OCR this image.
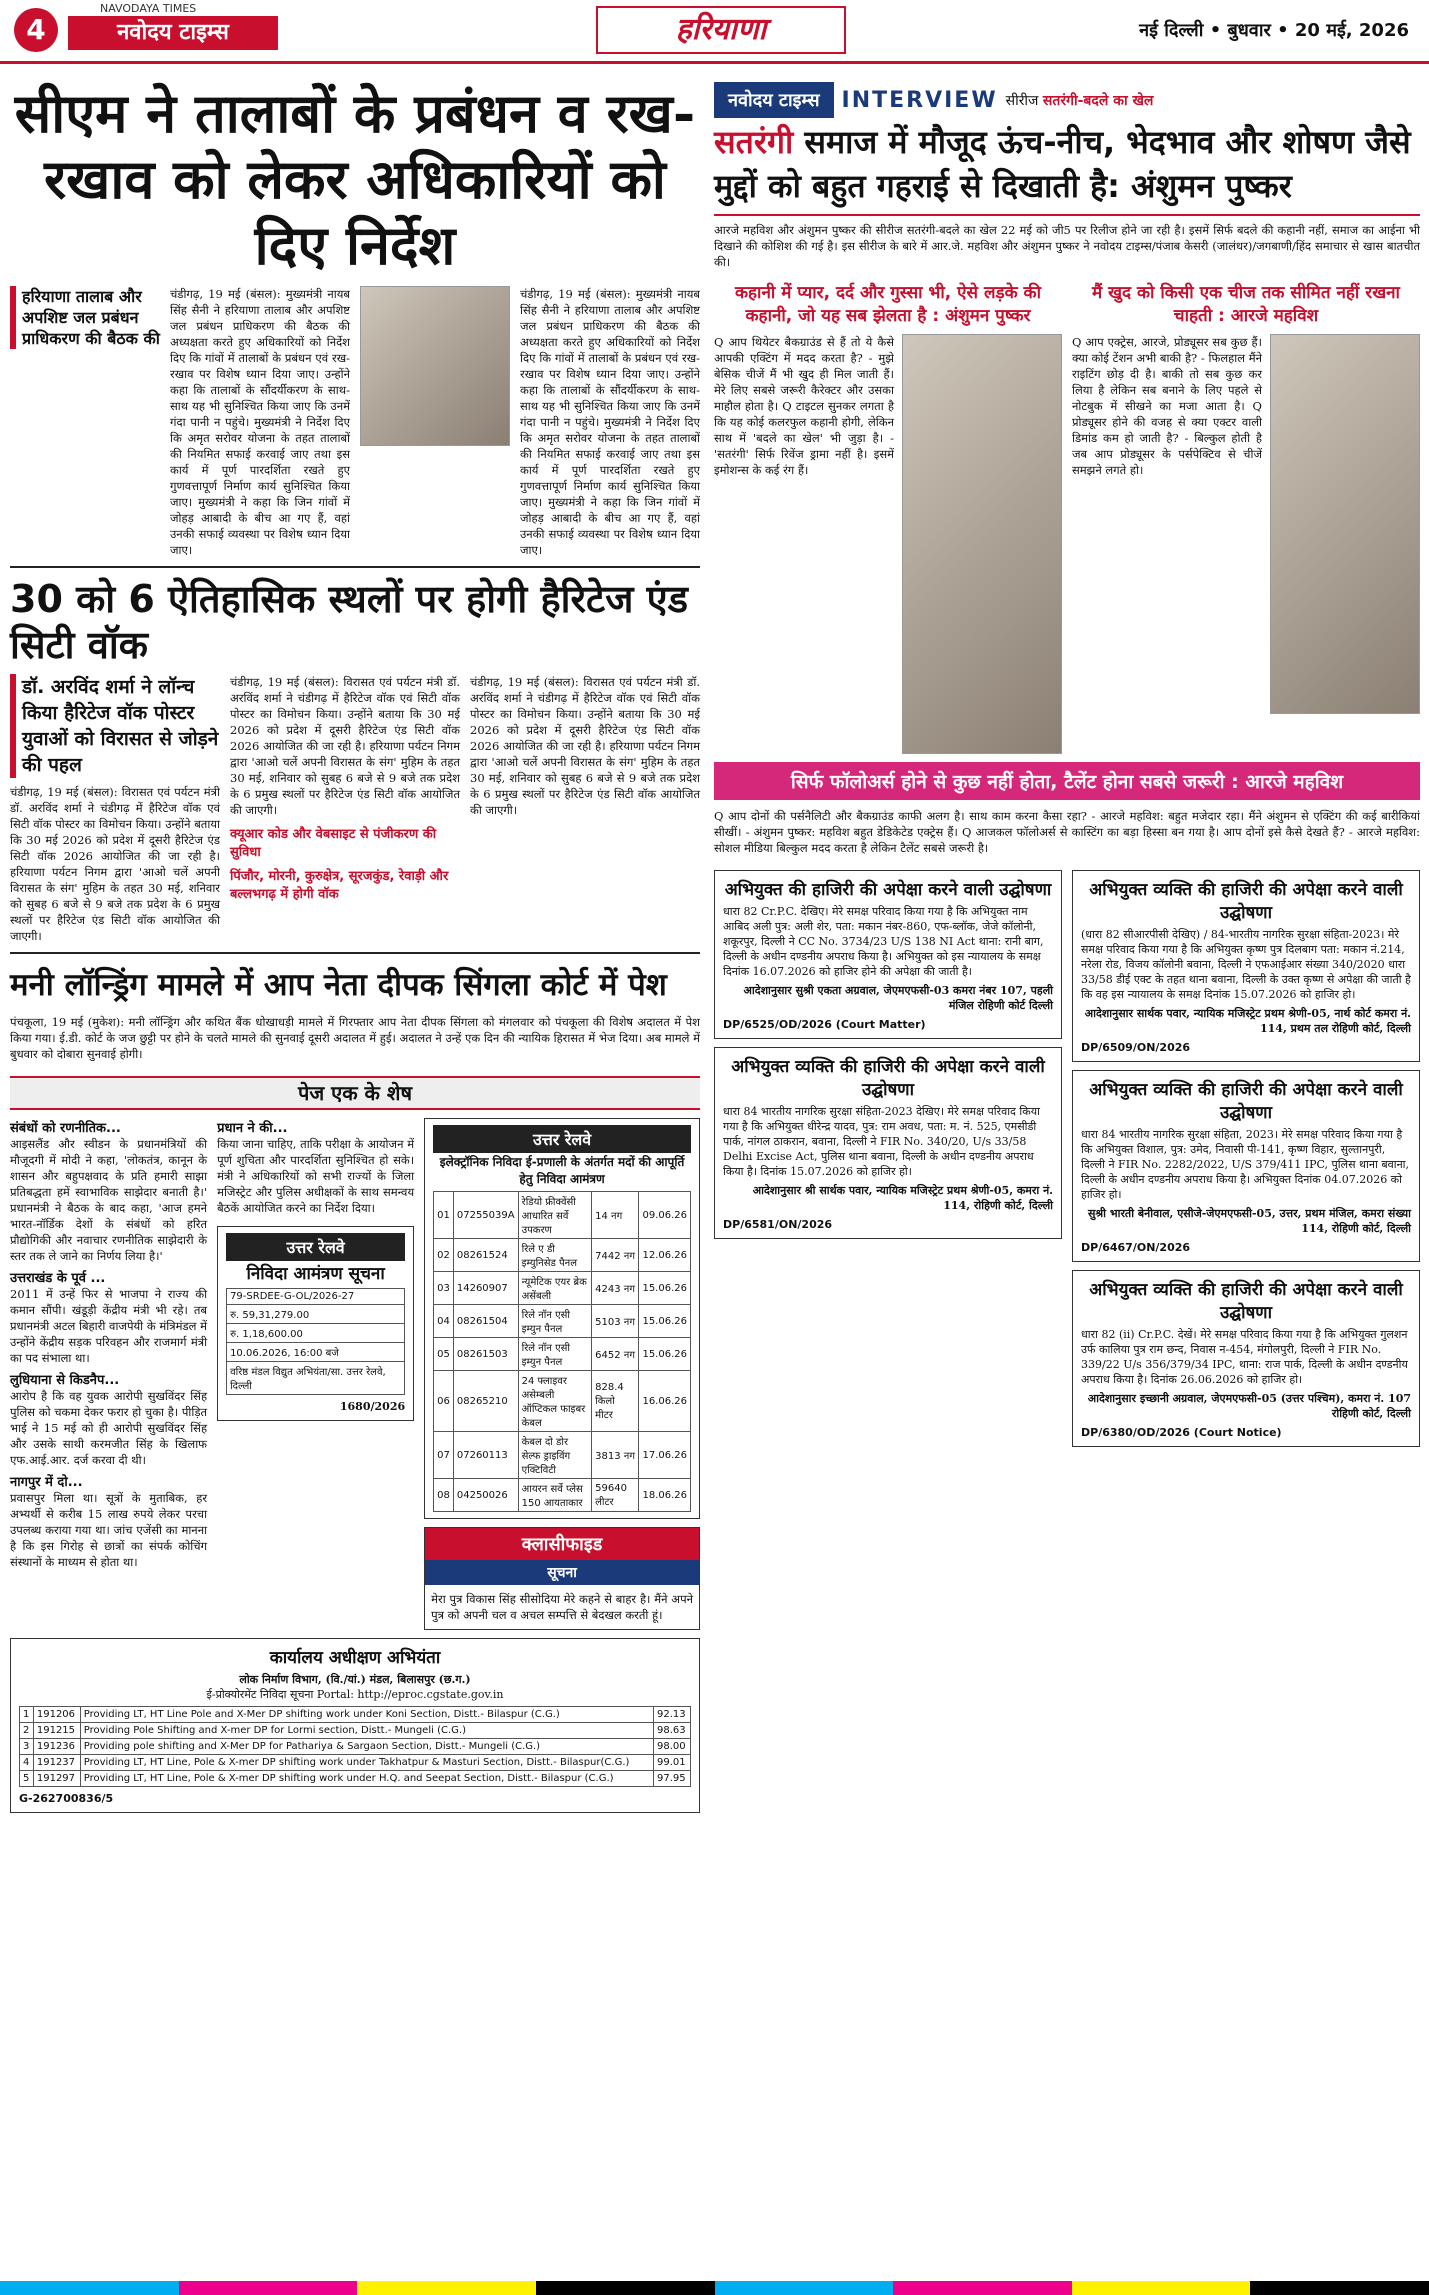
4
NAVODAYA TIMES
नवोदय टाइम्स	हरियाणा	नई दिल्ली • बुधवार • 20 मई, 2026
सीएम ने तालाबों के प्रबंधन व रख-रखाव को लेकर अधिकारियों को दिए निर्देश
हरियाणा तालाब और अपशिष्ट जल प्रबंधन प्राधिकरण की बैठक की
चंडीगढ़, 19 मई (बंसल): मुख्यमंत्री नायब सिंह सैनी ने हरियाणा तालाब और अपशिष्ट जल प्रबंधन प्राधिकरण की बैठक की अध्यक्षता करते हुए अधिकारियों को निर्देश दिए कि गांवों में तालाबों के प्रबंधन एवं रख-रखाव पर विशेष ध्यान दिया जाए। उन्होंने कहा कि तालाबों के सौंदर्यीकरण के साथ-साथ यह भी सुनिश्चित किया जाए कि उनमें गंदा पानी न पहुंचे। मुख्यमंत्री ने निर्देश दिए कि अमृत सरोवर योजना के तहत तालाबों की नियमित सफाई करवाई जाए तथा इस कार्य में पूर्ण पारदर्शिता रखते हुए गुणवत्तापूर्ण निर्माण कार्य सुनिश्चित किया जाए। मुख्यमंत्री ने कहा कि जिन गांवों में जोहड़ आबादी के बीच आ गए हैं, वहां उनकी सफाई व्यवस्था पर विशेष ध्यान दिया जाए।
चंडीगढ़, 19 मई (बंसल): मुख्यमंत्री नायब सिंह सैनी ने हरियाणा तालाब और अपशिष्ट जल प्रबंधन प्राधिकरण की बैठक की अध्यक्षता करते हुए अधिकारियों को निर्देश दिए कि गांवों में तालाबों के प्रबंधन एवं रख-रखाव पर विशेष ध्यान दिया जाए। उन्होंने कहा कि तालाबों के सौंदर्यीकरण के साथ-साथ यह भी सुनिश्चित किया जाए कि उनमें गंदा पानी न पहुंचे। मुख्यमंत्री ने निर्देश दिए कि अमृत सरोवर योजना के तहत तालाबों की नियमित सफाई करवाई जाए तथा इस कार्य में पूर्ण पारदर्शिता रखते हुए गुणवत्तापूर्ण निर्माण कार्य सुनिश्चित किया जाए। मुख्यमंत्री ने कहा कि जिन गांवों में जोहड़ आबादी के बीच आ गए हैं, वहां उनकी सफाई व्यवस्था पर विशेष ध्यान दिया जाए।
30 को 6 ऐतिहासिक स्थलों पर होगी हैरिटेज एंड सिटी वॉक
डॉ. अरविंद शर्मा ने लॉन्च किया हैरिटेज वॉक पोस्टर युवाओं को विरासत से जोड़ने की पहल
चंडीगढ़, 19 मई (बंसल): विरासत एवं पर्यटन मंत्री डॉ. अरविंद शर्मा ने चंडीगढ़ में हैरिटेज वॉक एवं सिटी वॉक पोस्टर का विमोचन किया। उन्होंने बताया कि 30 मई 2026 को प्रदेश में दूसरी हैरिटेज एंड सिटी वॉक 2026 आयोजित की जा रही है। हरियाणा पर्यटन निगम द्वारा 'आओ चलें अपनी विरासत के संग' मुहिम के तहत 30 मई, शनिवार को सुबह 6 बजे से 9 बजे तक प्रदेश के 6 प्रमुख स्थलों पर हैरिटेज एंड सिटी वॉक आयोजित की जाएगी।
चंडीगढ़, 19 मई (बंसल): विरासत एवं पर्यटन मंत्री डॉ. अरविंद शर्मा ने चंडीगढ़ में हैरिटेज वॉक एवं सिटी वॉक पोस्टर का विमोचन किया। उन्होंने बताया कि 30 मई 2026 को प्रदेश में दूसरी हैरिटेज एंड सिटी वॉक 2026 आयोजित की जा रही है। हरियाणा पर्यटन निगम द्वारा 'आओ चलें अपनी विरासत के संग' मुहिम के तहत 30 मई, शनिवार को सुबह 6 बजे से 9 बजे तक प्रदेश के 6 प्रमुख स्थलों पर हैरिटेज एंड सिटी वॉक आयोजित की जाएगी।
क्यूआर कोड और वेबसाइट से पंजीकरण की सुविधा
पिंजौर, मोरनी, कुरुक्षेत्र, सूरजकुंड, रेवाड़ी और बल्लभगढ़ में होगी वॉक
चंडीगढ़, 19 मई (बंसल): विरासत एवं पर्यटन मंत्री डॉ. अरविंद शर्मा ने चंडीगढ़ में हैरिटेज वॉक एवं सिटी वॉक पोस्टर का विमोचन किया। उन्होंने बताया कि 30 मई 2026 को प्रदेश में दूसरी हैरिटेज एंड सिटी वॉक 2026 आयोजित की जा रही है। हरियाणा पर्यटन निगम द्वारा 'आओ चलें अपनी विरासत के संग' मुहिम के तहत 30 मई, शनिवार को सुबह 6 बजे से 9 बजे तक प्रदेश के 6 प्रमुख स्थलों पर हैरिटेज एंड सिटी वॉक आयोजित की जाएगी।
मनी लॉन्ड्रिंग मामले में आप नेता दीपक सिंगला कोर्ट में पेश
पंचकूला, 19 मई (मुकेश): मनी लॉन्ड्रिंग और कथित बैंक धोखाधड़ी मामले में गिरफ्तार आप नेता दीपक सिंगला को मंगलवार को पंचकूला की विशेष अदालत में पेश किया गया। ई.डी. कोर्ट के जज छुट्टी पर होने के चलते मामले की सुनवाई दूसरी अदालत में हुई। अदालत ने उन्हें एक दिन की न्यायिक हिरासत में भेज दिया। अब मामले में बुधवार को दोबारा सुनवाई होगी।
पेज एक के शेष
संबंधों को रणनीतिक...
आइसलैंड और स्वीडन के प्रधानमंत्रियों की मौजूदगी में मोदी ने कहा, 'लोकतंत्र, कानून के शासन और बहुपक्षवाद के प्रति हमारी साझा प्रतिबद्धता हमें स्वाभाविक साझेदार बनाती है।' प्रधानमंत्री ने बैठक के बाद कहा, 'आज हमने भारत-नॉर्डिक देशों के संबंधों को हरित प्रौद्योगिकी और नवाचार रणनीतिक साझेदारी के स्तर तक ले जाने का निर्णय लिया है।'
उत्तराखंड के पूर्व ...
2011 में उन्हें फिर से भाजपा ने राज्य की कमान सौंपी। खंडूड़ी केंद्रीय मंत्री भी रहे। तब प्रधानमंत्री अटल बिहारी वाजपेयी के मंत्रिमंडल में उन्होंने केंद्रीय सड़क परिवहन और राजमार्ग मंत्री का पद संभाला था।
लुधियाना से किडनैप...
आरोप है कि वह युवक आरोपी सुखविंदर सिंह पुलिस को चकमा देकर फरार हो चुका है। पीड़ित भाई ने 15 मई को ही आरोपी सुखविंदर सिंह और उसके साथी करमजीत सिंह के खिलाफ एफ.आई.आर. दर्ज करवा दी थी।
नागपुर में दो...
प्रवासपुर मिला था। सूत्रों के मुताबिक, हर अभ्यर्थी से करीब 15 लाख रुपये लेकर परचा उपलब्ध कराया गया था। जांच एजेंसी का मानना है कि इस गिरोह से छात्रों का संपर्क कोचिंग संस्थानों के माध्यम से होता था।
प्रधान ने की...
किया जाना चाहिए, ताकि परीक्षा के आयोजन में पूर्ण शुचिता और पारदर्शिता सुनिश्चित हो सके। मंत्री ने अधिकारियों को सभी राज्यों के जिला मजिस्ट्रेट और पुलिस अधीक्षकों के साथ समन्वय बैठकें आयोजित करने का निर्देश दिया।
उत्तर रेलवे
निविदा आमंत्रण सूचना
79-SRDEE-G-OL/2026-27
रु. 59,31,279.00
रु. 1,18,600.00
10.06.2026, 16:00 बजे
वरिष्ठ मंडल विद्युत अभियंता/सा. उत्तर रेलवे, दिल्ली
1680/2026
उत्तर रेलवे
इलेक्ट्रॉनिक निविदा ई-प्रणाली के अंतर्गत मदों की आपूर्ति हेतु निविदा आमंत्रण
01	07255039A	रेडियो फ्रीक्वेंसी आधारित सर्वे उपकरण	14 नग	09.06.26
02	08261524	रिले ए डी इम्युनिसेड पैनल	7442 नग	12.06.26
03	14260907	न्यूमेटिक एयर ब्रेक असेंबली	4243 नग	15.06.26
04	08261504	रिले नॉन एसी इम्युन पैनल	5103 नग	15.06.26
05	08261503	रिले नॉन एसी इम्युन पैनल	6452 नग	15.06.26
06	08265210	24 फ्लाइवर असेम्बली ऑप्टिकल फाइबर केबल	828.4 किलो मीटर	16.06.26
07	07260113	केबल दो डोर सेल्फ ड्राइविंग एक्टिविटी	3813 नग	17.06.26
08	04250026	आयरन सर्वे प्लेस 150 आयताकार	59640 लीटर	18.06.26
क्लासीफाइड
सूचना
मेरा पुत्र विकास सिंह सीसोदिया मेरे कहने से बाहर है। मैंने अपने पुत्र को अपनी चल व अचल सम्पत्ति से बेदखल करती हूं।
कार्यालय अधीक्षण अभियंता
लोक निर्माण विभाग, (वि./यां.) मंडल, बिलासपुर (छ.ग.)
ई-प्रोक्योरमेंट निविदा सूचना Portal: http://eproc.cgstate.gov.in
1	191206	Providing LT, HT Line Pole and X-Mer DP shifting work under Koni Section, Distt.- Bilaspur (C.G.)	92.13
2	191215	Providing Pole Shifting and X-mer DP for Lormi section, Distt.- Mungeli (C.G.)	98.63
3	191236	Providing pole shifting and X-Mer DP for Pathariya & Sargaon Section, Distt.- Mungeli (C.G.)	98.00
4	191237	Providing LT, HT Line, Pole & X-mer DP shifting work under Takhatpur & Masturi Section, Distt.- Bilaspur(C.G.)	99.01
5	191297	Providing LT, HT Line, Pole & X-mer DP shifting work under H.Q. and Seepat Section, Distt.- Bilaspur (C.G.)	97.95
G-262700836/5
नवोदय टाइम्स	INTERVIEW सीरीज सतरंगी-बदले का खेल
सतरंगी समाज में मौजूद ऊंच-नीच, भेदभाव और शोषण जैसे मुद्दों को बहुत गहराई से दिखाती है: अंशुमन पुष्कर
आरजे महविश और अंशुमन पुष्कर की सीरीज सतरंगी-बदले का खेल 22 मई को जी5 पर रिलीज होने जा रही है। इसमें सिर्फ बदले की कहानी नहीं, समाज का आईना भी दिखाने की कोशिश की गई है। इस सीरीज के बारे में आर.जे. महविश और अंशुमन पुष्कर ने नवोदय टाइम्स/पंजाब केसरी (जालंधर)/जगबाणी/हिंद समाचार से खास बातचीत की।
कहानी में प्यार, दर्द और गुस्सा भी, ऐसे लड़के की कहानी, जो यह सब झेलता है : अंशुमन पुष्कर
Q आप थियेटर बैकग्राउंड से हैं तो ये कैसे आपकी एक्टिंग में मदद करता है? - मुझे बेसिक चीजें मैं भी खुद ही मिल जाती हैं। मेरे लिए सबसे जरूरी कैरेक्टर और उसका माहौल होता है। Q टाइटल सुनकर लगता है कि यह कोई कलरफुल कहानी होगी, लेकिन साथ में 'बदले का खेल' भी जुड़ा है। - 'सतरंगी' सिर्फ रिवेंज ड्रामा नहीं है। इसमें इमोशन्स के कई रंग हैं।
मैं खुद को किसी एक चीज तक सीमित नहीं रखना चाहती : आरजे महविश
Q आप एक्ट्रेस, आरजे, प्रोड्यूसर सब कुछ हैं। क्या कोई टेंशन अभी बाकी है? - फिलहाल मैंने राइटिंग छोड़ दी है। बाकी तो सब कुछ कर लिया है लेकिन सब बनाने के लिए पहले से नोटबुक में सीखने का मजा आता है। Q प्रोड्यूसर होने की वजह से क्या एक्टर वाली डिमांड कम हो जाती है? - बिल्कुल होती है जब आप प्रोड्यूसर के पर्सपेक्टिव से चीजें समझने लगते हो।
सिर्फ फॉलोअर्स होने से कुछ नहीं होता, टैलेंट होना सबसे जरूरी : आरजे महविश
Q आप दोनों की पर्सनैलिटी और बैकग्राउंड काफी अलग है। साथ काम करना कैसा रहा? - आरजे महविश: बहुत मजेदार रहा। मैंने अंशुमन से एक्टिंग की कई बारीकियां सीखीं। - अंशुमन पुष्कर: महविश बहुत डेडिकेटेड एक्ट्रेस हैं। Q आजकल फॉलोअर्स से कास्टिंग का बड़ा हिस्सा बन गया है। आप दोनों इसे कैसे देखते हैं? - आरजे महविश: सोशल मीडिया बिल्कुल मदद करता है लेकिन टैलेंट सबसे जरूरी है।
अभियुक्त की हाजिरी की अपेक्षा करने वाली उद्घोषणा
धारा 82 Cr.P.C. देखिए। मेरे समक्ष परिवाद किया गया है कि अभियुक्त नाम आबिद अली पुत्र: अली शेर, पता: मकान नंबर-860, एफ-ब्लॉक, जेजे कॉलोनी, शकूरपुर, दिल्ली ने CC No. 3734/23 U/S 138 NI Act थाना: रानी बाग, दिल्ली के अधीन दण्डनीय अपराध किया है। अभियुक्त को इस न्यायालय के समक्ष दिनांक 16.07.2026 को हाजिर होने की अपेक्षा की जाती है।
आदेशानुसार सुश्री एकता अग्रवाल, जेएमएफसी-03 कमरा नंबर 107, पहली मंजिल रोहिणी कोर्ट दिल्ली
DP/6525/OD/2026 (Court Matter)
अभियुक्त व्यक्ति की हाजिरी की अपेक्षा करने वाली उद्घोषणा
धारा 84 भारतीय नागरिक सुरक्षा संहिता-2023 देखिए। मेरे समक्ष परिवाद किया गया है कि अभियुक्त धीरेन्द्र यादव, पुत्र: राम अवध, पता: म. नं. 525, एमसीडी पार्क, नांगल ठाकरान, बवाना, दिल्ली ने FIR No. 340/20, U/s 33/58 Delhi Excise Act, पुलिस थाना बवाना, दिल्ली के अधीन दण्डनीय अपराध किया है। दिनांक 15.07.2026 को हाजिर हो।
आदेशानुसार श्री सार्थक पवार, न्यायिक मजिस्ट्रेट प्रथम श्रेणी-05, कमरा नं. 114, रोहिणी कोर्ट, दिल्ली
DP/6581/ON/2026
अभियुक्त व्यक्ति की हाजिरी की अपेक्षा करने वाली उद्घोषणा
(धारा 82 सीआरपीसी देखिए) / 84-भारतीय नागरिक सुरक्षा संहिता-2023। मेरे समक्ष परिवाद किया गया है कि अभियुक्त कृष्ण पुत्र दिलबाग पता: मकान नं.214, नरेला रोड, विजय कॉलोनी बवाना, दिल्ली ने एफआईआर संख्या 340/2020 धारा 33/58 डीई एक्ट के तहत थाना बवाना, दिल्ली के उक्त कृष्ण से अपेक्षा की जाती है कि वह इस न्यायालय के समक्ष दिनांक 15.07.2026 को हाजिर हो।
आदेशानुसार सार्थक पवार, न्यायिक मजिस्ट्रेट प्रथम श्रेणी-05, नार्थ कोर्ट कमरा नं. 114, प्रथम तल रोहिणी कोर्ट, दिल्ली
DP/6509/ON/2026
अभियुक्त व्यक्ति की हाजिरी की अपेक्षा करने वाली उद्घोषणा
धारा 84 भारतीय नागरिक सुरक्षा संहिता, 2023। मेरे समक्ष परिवाद किया गया है कि अभियुक्त विशाल, पुत्र: उमेद, निवासी पी-141, कृष्ण विहार, सुल्तानपुरी, दिल्ली ने FIR No. 2282/2022, U/S 379/411 IPC, पुलिस थाना बवाना, दिल्ली के अधीन दण्डनीय अपराध किया है। अभियुक्त दिनांक 04.07.2026 को हाजिर हो।
सुश्री भारती बेनीवाल, एसीजे-जेएमएफसी-05, उत्तर, प्रथम मंजिल, कमरा संख्या 114, रोहिणी कोर्ट, दिल्ली
DP/6467/ON/2026
अभियुक्त व्यक्ति की हाजिरी की अपेक्षा करने वाली उद्घोषणा
धारा 82 (ii) Cr.P.C. देखें। मेरे समक्ष परिवाद किया गया है कि अभियुक्त गुलशन उर्फ कालिया पुत्र राम छन्द, निवास न-454, मंगोलपुरी, दिल्ली ने FIR No. 339/22 U/s 356/379/34 IPC, थाना: राज पार्क, दिल्ली के अधीन दण्डनीय अपराध किया है। दिनांक 26.06.2026 को हाजिर हो।
आदेशानुसार इच्छानी अग्रवाल, जेएमएफसी-05 (उत्तर पश्चिम), कमरा नं. 107 रोहिणी कोर्ट, दिल्ली
DP/6380/OD/2026 (Court Notice)
